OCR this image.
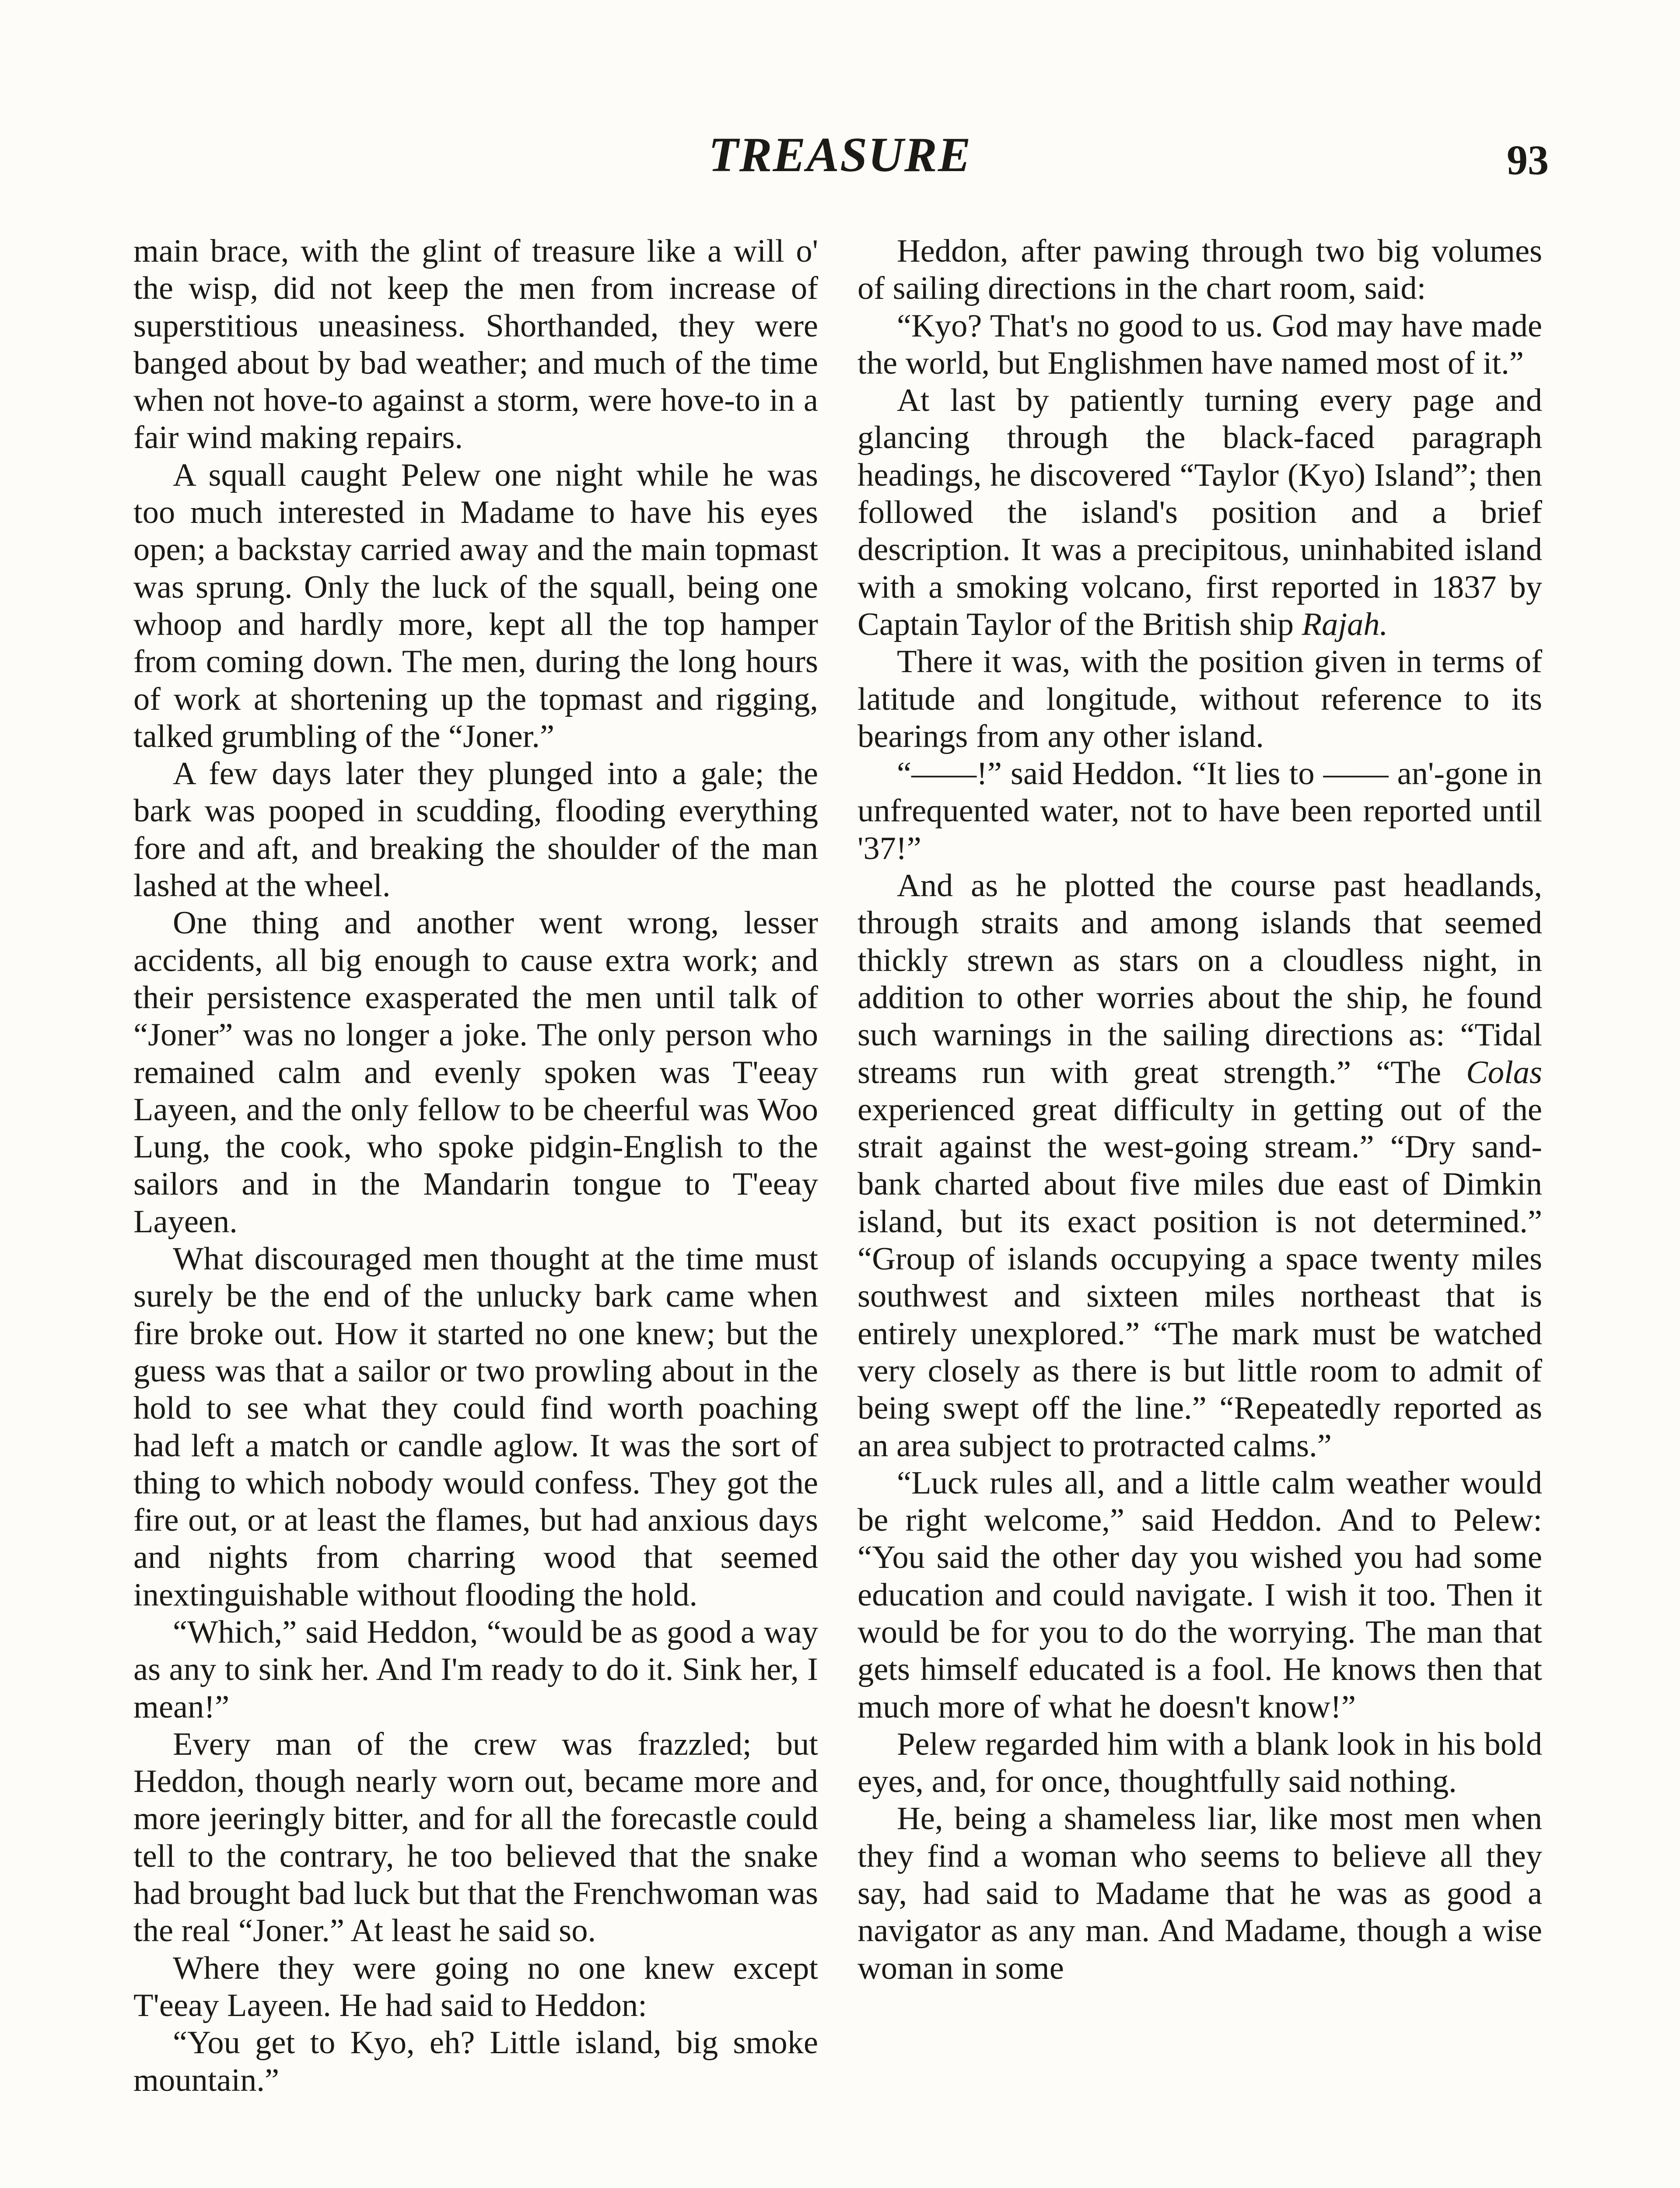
TREASURE	93

main brace, with the glint of treasure like a will o' the wisp, did not keep the men from increase of superstitious uneasiness. Shorthanded, they were banged about by bad weather; and much of the time when not hove-to against a storm, were hove-to in a fair wind making repairs.

A squall caught Pelew one night while he was too much interested in Madame to have his eyes open; a backstay carried away and the main topmast was sprung. Only the luck of the squall, being one whoop and hardly more, kept all the top hamper from coming down. The men, during the long hours of work at shortening up the topmast and rigging, talked grumbling of the “Joner.”

A few days later they plunged into a gale; the bark was pooped in scudding, flooding everything fore and aft, and breaking the shoulder of the man lashed at the wheel.

One thing and another went wrong, lesser accidents, all big enough to cause extra work; and their persistence exasperated the men until talk of “Joner” was no longer a joke. The only person who remained calm and evenly spoken was T'eeay Layeen, and the only fellow to be cheerful was Woo Lung, the cook, who spoke pidgin-English to the sailors and in the Mandarin tongue to T'eeay Layeen.

What discouraged men thought at the time must surely be the end of the unlucky bark came when fire broke out. How it started no one knew; but the guess was that a sailor or two prowling about in the hold to see what they could find worth poaching had left a match or candle aglow. It was the sort of thing to which nobody would confess. They got the fire out, or at least the flames, but had anxious days and nights from charring wood that seemed inextinguishable without flooding the hold.

“Which,” said Heddon, “would be as good a way as any to sink her. And I'm ready to do it. Sink her, I mean!”

Every man of the crew was frazzled; but Heddon, though nearly worn out, became more and more jeeringly bitter, and for all the forecastle could tell to the contrary, he too believed that the snake had brought bad luck but that the Frenchwoman was the real “Joner.” At least he said so.

Where they were going no one knew except T'eeay Layeen. He had said to Heddon:

“You get to Kyo, eh? Little island, big smoke mountain.”

Heddon, after pawing through two big volumes of sailing directions in the chart room, said:

“Kyo? That's no good to us. God may have made the world, but Englishmen have named most of it.”

At last by patiently turning every page and glancing through the black-faced paragraph headings, he discovered “Taylor (Kyo) Island”; then followed the island's position and a brief description. It was a precipitous, uninhabited island with a smoking volcano, first reported in 1837 by Captain Taylor of the British ship Rajah.

There it was, with the position given in terms of latitude and longitude, without reference to its bearings from any other island.

“——!” said Heddon. “It lies to —— an'-gone in unfrequented water, not to have been reported until '37!”

And as he plotted the course past headlands, through straits and among islands that seemed thickly strewn as stars on a cloudless night, in addition to other worries about the ship, he found such warnings in the sailing directions as: “Tidal streams run with great strength.” “The Colas experienced great difficulty in getting out of the strait against the west-going stream.” “Dry sand-bank charted about five miles due east of Dimkin island, but its exact position is not determined.” “Group of islands occupying a space twenty miles southwest and sixteen miles northeast that is entirely unexplored.” “The mark must be watched very closely as there is but little room to admit of being swept off the line.” “Repeatedly reported as an area subject to protracted calms.”

“Luck rules all, and a little calm weather would be right welcome,” said Heddon. And to Pelew: “You said the other day you wished you had some education and could navigate. I wish it too. Then it would be for you to do the worrying. The man that gets himself educated is a fool. He knows then that much more of what he doesn't know!”

Pelew regarded him with a blank look in his bold eyes, and, for once, thoughtfully said nothing.

He, being a shameless liar, like most men when they find a woman who seems to believe all they say, had said to Madame that he was as good a navigator as any man. And Madame, though a wise woman in some
